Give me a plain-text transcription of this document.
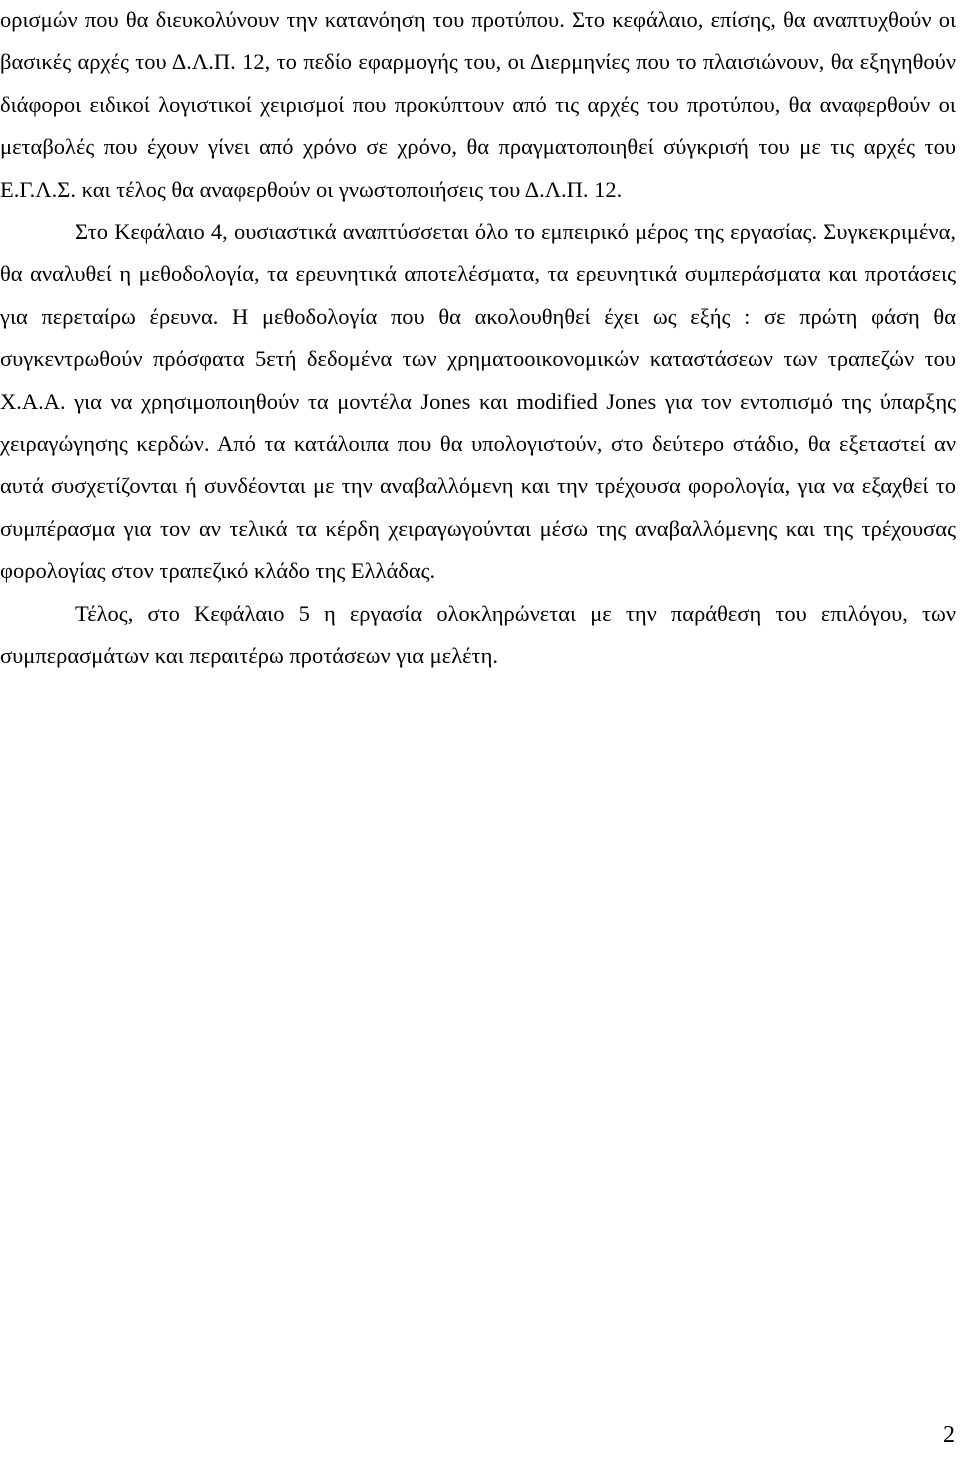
ορισμών που θα διευκολύνουν την κατανόηση του προτύπου. Στο κεφάλαιο, επίσης, θα αναπτυχθούν οι βασικές αρχές του Δ.Λ.Π. 12, το πεδίο εφαρμογής του, οι Διερμηνίες που το πλαισιώνουν, θα εξηγηθούν διάφοροι ειδικοί λογιστικοί χειρισμοί που προκύπτουν από τις αρχές του προτύπου, θα αναφερθούν οι μεταβολές που έχουν γίνει από χρόνο σε χρόνο, θα πραγματοποιηθεί σύγκρισή του με τις αρχές του Ε.Γ.Λ.Σ. και τέλος θα αναφερθούν οι γνωστοποιήσεις του Δ.Λ.Π. 12.

Στο Κεφάλαιο 4, ουσιαστικά αναπτύσσεται όλο το εμπειρικό μέρος της εργασίας. Συγκεκριμένα, θα αναλυθεί η μεθοδολογία, τα ερευνητικά αποτελέσματα, τα ερευνητικά συμπεράσματα και προτάσεις για περεταίρω έρευνα. Η μεθοδολογία που θα ακολουθηθεί έχει ως εξής : σε πρώτη φάση θα συγκεντρωθούν πρόσφατα 5ετή δεδομένα των χρηματοοικονομικών καταστάσεων των τραπεζών του Χ.Α.Α. για να χρησιμοποιηθούν τα μοντέλα Jones και modified Jones για τον εντοπισμό της ύπαρξης χειραγώγησης κερδών. Από τα κατάλοιπα που θα υπολογιστούν, στο δεύτερο στάδιο, θα εξεταστεί αν αυτά συσχετίζονται ή συνδέονται με την αναβαλλόμενη και την τρέχουσα φορολογία, για να εξαχθεί το συμπέρασμα για τον αν τελικά τα κέρδη χειραγωγούνται μέσω της αναβαλλόμενης και της τρέχουσας φορολογίας στον τραπεζικό κλάδο της Ελλάδας.

Τέλος, στο Κεφάλαιο 5 η εργασία ολοκληρώνεται με την παράθεση του επιλόγου, των συμπερασμάτων και περαιτέρω προτάσεων για μελέτη.

2
